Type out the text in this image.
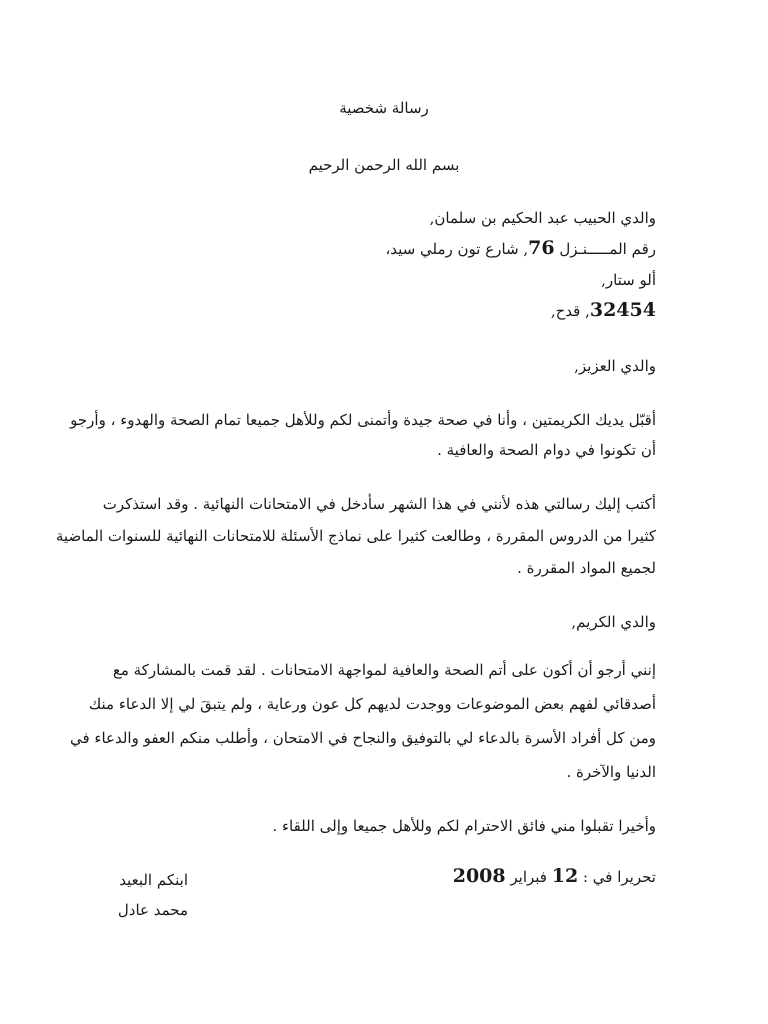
رسالة شخصية
بسم الله الرحمن الرحيم
والدي الحبيب عبد الحكيم بن سلمان,
رقم المـــــنـزل 76, شارع تون رملي سيد،
ألو ستار,
32454, قدح,
والدي العزيز,
أقبّل يديك الكريمتين ، وأنا في صحة جيدة وأتمنى لكم وللأهل جميعا تمام الصحة والهدوء ، وأرجو
أن تكونوا في دوام الصحة والعافية .
أكتب إليك رسالتي هذه لأنني في هذا الشهر سأدخل في الامتحانات النهائية . وقد استذكرت
كثيرا من الدروس المقررة ، وطالعت كثيرا على نماذج الأسئلة للامتحانات النهائية للسنوات الماضية
لجميع المواد المقررة .
والدي الكريم,
إنني أرجو أن أكون على أتم الصحة والعافية لمواجهة الامتحانات . لقد قمت بالمشاركة مع
أصدقائي لفهم بعض الموضوعات ووجدت لديهم كل عون ورعاية ، ولم يتبقَ لي إلا الدعاء منك
ومن كل أفراد الأسرة بالدعاء لي بالتوفيق والنجاح في الامتحان ، وأطلب منكم العفو والدعاء في
الدنيا والآخرة .
وأخيرا تقبلوا مني فائق الاحترام لكم وللأهل جميعا وإلى اللقاء .
تحريرا في : 12 فبراير 2008
ابنكم البعيد
محمد عادل
